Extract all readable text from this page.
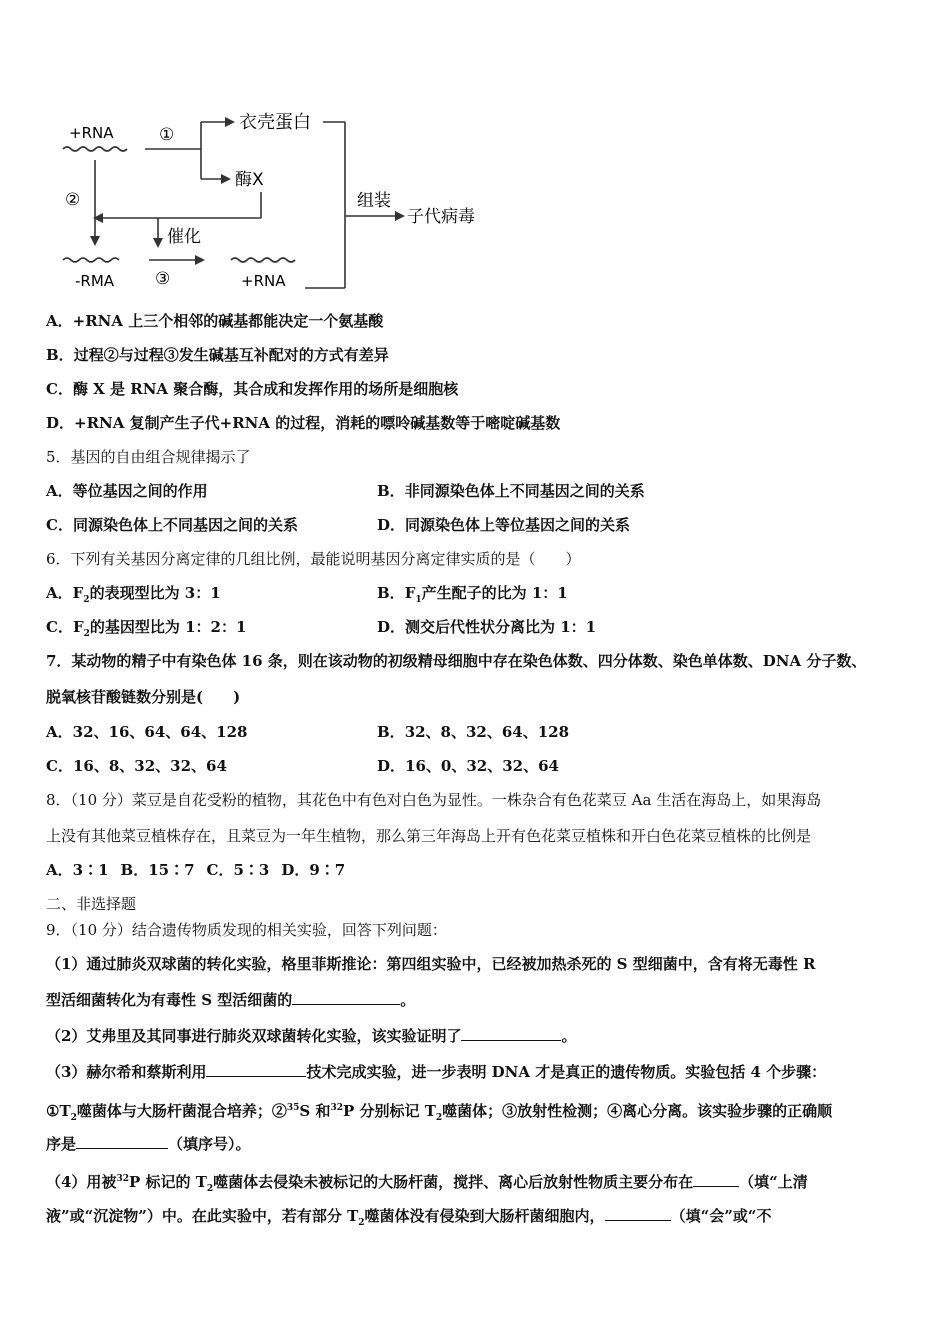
+RNA	①
衣壳蛋白
酶X
②
催化
组装
子代病毒
-RMA ③	+RNA
A．+RNA 上三个相邻的碱基都能决定一个氨基酸
B．过程②与过程③发生碱基互补配对的方式有差异
C．酶 X 是 RNA 聚合酶，其合成和发挥作用的场所是细胞核
D．+RNA 复制产生子代+RNA 的过程，消耗的嘌呤碱基数等于嘧啶碱基数
5．基因的自由组合规律揭示了
A．等位基因之间的作用	B．非同源染色体上不同基因之间的关系
C．同源染色体上不同基因之间的关系	D．同源染色体上等位基因之间的关系
6．下列有关基因分离定律的几组比例，最能说明基因分离定律实质的是（　　）
A．$F_2$的表现型比为 3：1	B．$F_1$产生配子的比为 1：1
C．$F_2$的基因型比为 1：2：1	D．测交后代性状分离比为 1：1
7．某动物的精子中有染色体 16 条，则在该动物的初级精母细胞中存在染色体数、四分体数、染色单体数、DNA 分子数、
脱氧核苷酸链数分别是(　　)
A．32、16、64、64、128	B．32、8、32、64、128
C．16、8、32、32、64	D．16、0、32、32、64
8．（10 分）菜豆是自花受粉的植物，其花色中有色对白色为显性。一株杂合有色花菜豆 Aa 生活在海岛上，如果海岛
上没有其他菜豆植株存在，且菜豆为一年生植物，那么第三年海岛上开有色花菜豆植株和开白色花菜豆植株的比例是
A．3∶1 B．15∶7 C．5∶3 D．9∶7
二、非选择题
9．（10 分）结合遗传物质发现的相关实验，回答下列问题：
（1）通过肺炎双球菌的转化实验，格里菲斯推论：第四组实验中，已经被加热杀死的 S 型细菌中，含有将无毒性 R
型活细菌转化为有毒性 S 型活细菌的	。
（2）艾弗里及其同事进行肺炎双球菌转化实验，该实验证明了	。
（3）赫尔希和蔡斯利用	技术完成实验，进一步表明 DNA 才是真正的遗传物质。实验包括 4 个步骤：
$①T_2$噬菌体与大肠杆菌混合培养；②$^{35}$S 和$^{32}$P 分别标记 $T_2$噬菌体；③放射性检测；④离心分离。该实验步骤的正确顺
序是	（填序号）。
（4）用被$^{32}$P 标记的 $T_2$噬菌体去侵染未被标记的大肠杆菌，搅拌、离心后放射性物质主要分布在	（填“上清
液”或“沉淀物”）中。在此实验中，若有部分 $T_2$噬菌体没有侵染到大肠杆菌细胞内，	（填“会”或“不
